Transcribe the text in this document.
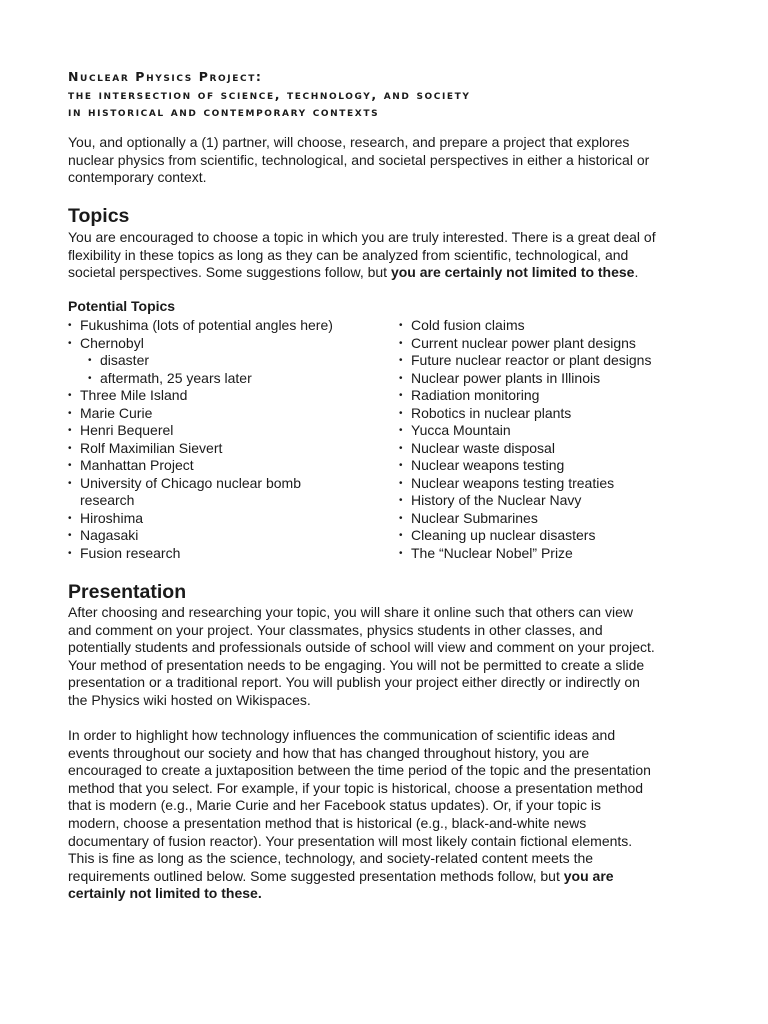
Nuclear Physics Project:
the intersection of science, technology, and society
in historical and contemporary contexts
You, and optionally a (1) partner, will choose, research, and prepare a project that explores
nuclear physics from scientific, technological, and societal perspectives in either a historical or
contemporary context.
Topics
You are encouraged to choose a topic in which you are truly interested. There is a great deal of
flexibility in these topics as long as they can be analyzed from scientific, technological, and
societal perspectives. Some suggestions follow, but you are certainly not limited to these.
Potential Topics
• Fukushima (lots of potential angles here)
• Chernobyl
• disaster
• aftermath, 25 years later
• Three Mile Island
• Marie Curie
• Henri Bequerel
• Rolf Maximilian Sievert
• Manhattan Project
• University of Chicago nuclear bomb
research
• Hiroshima
• Nagasaki
• Fusion research
• Cold fusion claims
• Current nuclear power plant designs
• Future nuclear reactor or plant designs
• Nuclear power plants in Illinois
• Radiation monitoring
• Robotics in nuclear plants
• Yucca Mountain
• Nuclear waste disposal
• Nuclear weapons testing
• Nuclear weapons testing treaties
• History of the Nuclear Navy
• Nuclear Submarines
• Cleaning up nuclear disasters
• The “Nuclear Nobel” Prize
Presentation
After choosing and researching your topic, you will share it online such that others can view
and comment on your project. Your classmates, physics students in other classes, and
potentially students and professionals outside of school will view and comment on your project.
Your method of presentation needs to be engaging. You will not be permitted to create a slide
presentation or a traditional report. You will publish your project either directly or indirectly on
the Physics wiki hosted on Wikispaces.
In order to highlight how technology influences the communication of scientific ideas and
events throughout our society and how that has changed throughout history, you are
encouraged to create a juxtaposition between the time period of the topic and the presentation
method that you select. For example, if your topic is historical, choose a presentation method
that is modern (e.g., Marie Curie and her Facebook status updates). Or, if your topic is
modern, choose a presentation method that is historical (e.g., black-and-white news
documentary of fusion reactor). Your presentation will most likely contain fictional elements.
This is fine as long as the science, technology, and society-related content meets the
requirements outlined below. Some suggested presentation methods follow, but you are
certainly not limited to these.
